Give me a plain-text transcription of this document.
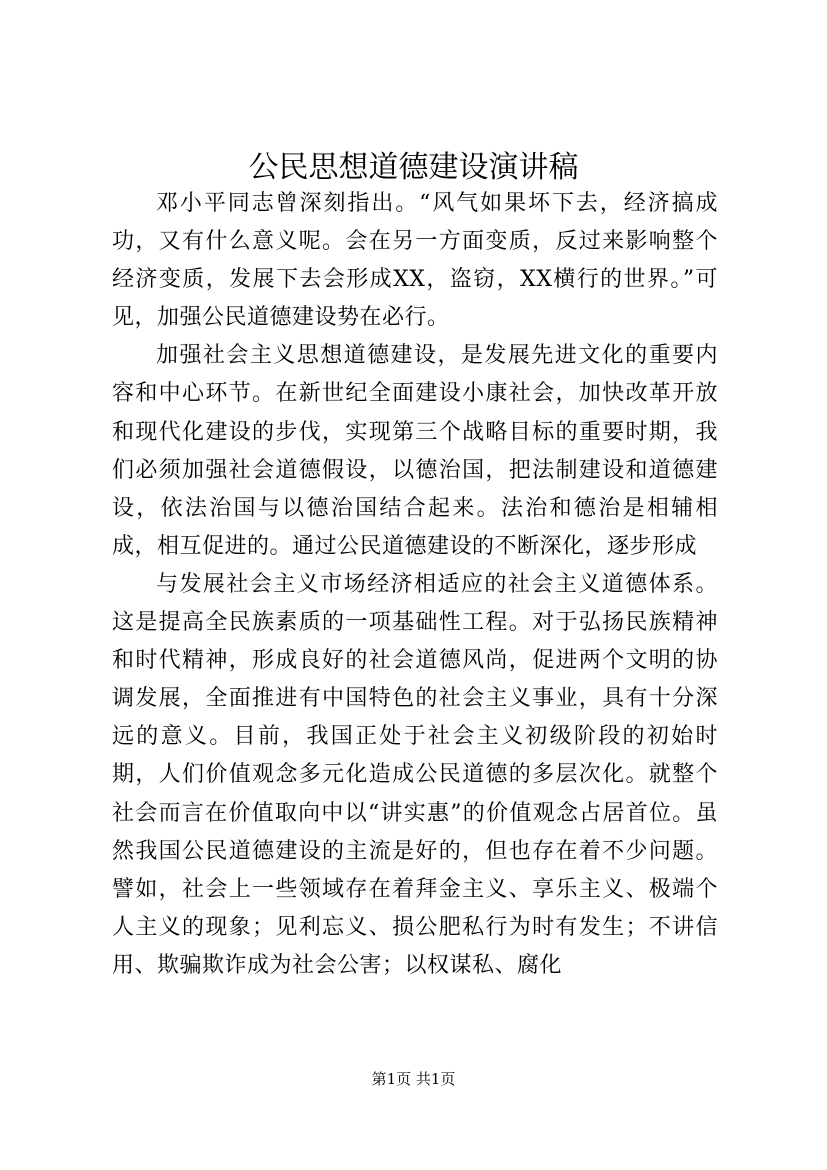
公民思想道德建设演讲稿

邓小平同志曾深刻指出。“风气如果坏下去，经济搞成功，又有什么意义呢。会在另一方面变质，反过来影响整个经济变质，发展下去会形成XX，盗窃，XX横行的世界。”可见，加强公民道德建设势在必行。

加强社会主义思想道德建设，是发展先进文化的重要内容和中心环节。在新世纪全面建设小康社会，加快改革开放和现代化建设的步伐，实现第三个战略目标的重要时期，我们必须加强社会道德假设，以德治国，把法制建设和道德建设，依法治国与以德治国结合起来。法治和德治是相辅相成，相互促进的。通过公民道德建设的不断深化，逐步形成

与发展社会主义市场经济相适应的社会主义道德体系。这是提高全民族素质的一项基础性工程。对于弘扬民族精神和时代精神，形成良好的社会道德风尚，促进两个文明的协调发展，全面推进有中国特色的社会主义事业，具有十分深远的意义。目前，我国正处于社会主义初级阶段的初始时期，人们价值观念多元化造成公民道德的多层次化。就整个社会而言在价值取向中以“讲实惠”的价值观念占居首位。虽然我国公民道德建设的主流是好的，但也存在着不少问题。譬如，社会上一些领域存在着拜金主义、享乐主义、极端个人主义的现象；见利忘义、损公肥私行为时有发生；不讲信用、欺骗欺诈成为社会公害；以权谋私、腐化

第1页 共1页
